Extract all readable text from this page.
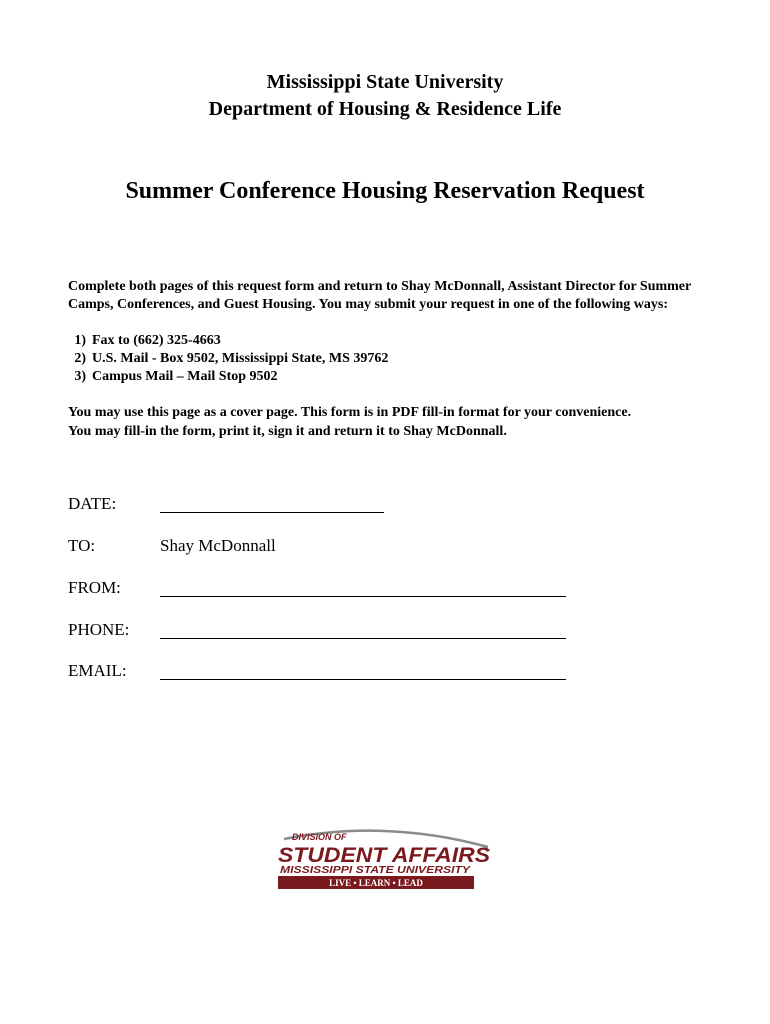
Mississippi State University
Department of Housing & Residence Life
Summer Conference Housing Reservation Request
Complete both pages of this request form and return to Shay McDonnall, Assistant Director for Summer Camps, Conferences, and Guest Housing. You may submit your request in one of the following ways:
1) Fax to (662) 325-4663
2) U.S. Mail - Box 9502, Mississippi State, MS 39762
3) Campus Mail – Mail Stop 9502
You may use this page as a cover page. This form is in PDF fill-in format for your convenience.
You may fill-in the form, print it, sign it and return it to Shay McDonnall.
DATE:
TO:	Shay McDonnall
FROM:
PHONE:
EMAIL:
DIVISION OF
STUDENT AFFAIRS
MISSISSIPPI STATE UNIVERSITY
LIVE • LEARN • LEAD
